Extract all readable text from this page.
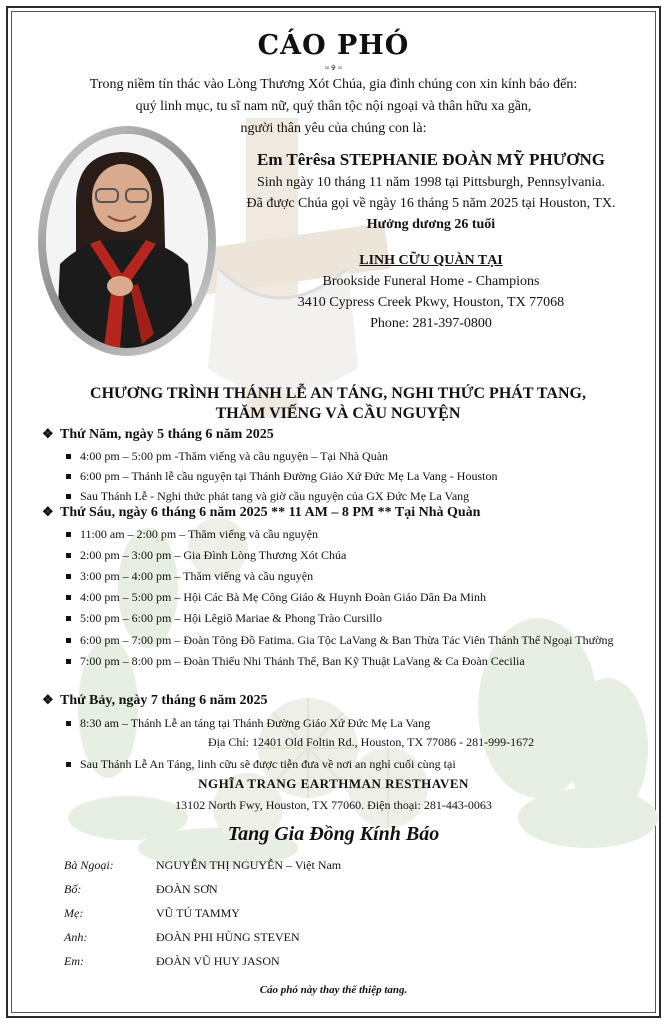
CÁO PHÓ
≈ ✞ ≈
Trong niềm tín thác vào Lòng Thương Xót Chúa, gia đình chúng con xin kính báo đến:
quý linh mục, tu sĩ nam nữ, quý thân tộc nội ngoại và thân hữu xa gần,
người thân yêu của chúng con là:
Em Têrêsa STEPHANIE ĐOÀN MỸ PHƯƠNG
Sinh ngày 10 tháng 11 năm 1998 tại Pittsburgh, Pennsylvania.
Đã được Chúa gọi về ngày 16 tháng 5 năm 2025 tại Houston, TX.
Hưởng dương 26 tuổi
LINH CỮU QUÀN TẠI
Brookside Funeral Home - Champions
3410 Cypress Creek Pkwy, Houston, TX 77068
Phone: 281-397-0800
CHƯƠNG TRÌNH THÁNH LỄ AN TÁNG, NGHI THỨC PHÁT TANG,
THĂM VIẾNG VÀ CẦU NGUYỆN
❖ Thứ Năm, ngày 5 tháng 6 năm 2025
4:00 pm – 5:00 pm -Thăm viếng và cầu nguyện – Tại Nhà Quàn
6:00 pm – Thánh lễ cầu nguyện tại Thánh Đường Giáo Xứ Đức Mẹ La Vang - Houston
Sau Thánh Lễ - Nghi thức phát tang và giờ cầu nguyện của GX Đức Mẹ La Vang
❖ Thứ Sáu, ngày 6 tháng 6 năm 2025 ** 11 AM – 8 PM ** Tại Nhà Quàn
11:00 am – 2:00 pm – Thăm viếng và cầu nguyện
2:00 pm – 3:00 pm – Gia Đình Lòng Thương Xót Chúa
3:00 pm – 4:00 pm – Thăm viếng và cầu nguyện
4:00 pm – 5:00 pm – Hội Các Bà Mẹ Công Giáo & Huynh Đoàn Giáo Dân Đa Minh
5:00 pm – 6:00 pm – Hội Lêgiô Mariae & Phong Trào Cursillo
6:00 pm – 7:00 pm – Đoàn Tông Đồ Fatima. Gia Tộc LaVang & Ban Thừa Tác Viên Thánh Thể Ngoại Thường
7:00 pm – 8:00 pm – Đoàn Thiếu Nhi Thánh Thể, Ban Kỹ Thuật LaVang & Ca Đoàn Cecilia
❖ Thứ Bảy, ngày 7 tháng 6 năm 2025
8:30 am – Thánh Lễ an táng tại Thánh Đường Giáo Xứ Đức Mẹ La Vang
Địa Chỉ: 12401 Old Foltin Rd., Houston, TX 77086 - 281-999-1672
Sau Thánh Lễ An Táng, linh cữu sẽ được tiễn đưa về nơi an nghỉ cuối cùng tại
NGHĨA TRANG EARTHMAN RESTHAVEN
13102 North Fwy, Houston, TX 77060. Điện thoại: 281-443-0063
Tang Gia Đồng Kính Báo
Bà Ngoại:	NGUYỄN THỊ NGUYỄN – Việt Nam
Bố:	ĐOÀN SƠN
Mẹ:	VŨ TÚ TAMMY
Anh:	ĐOÀN PHI HÙNG STEVEN
Em:	ĐOÀN VŨ HUY JASON
Cáo phó này thay thế thiệp tang.
